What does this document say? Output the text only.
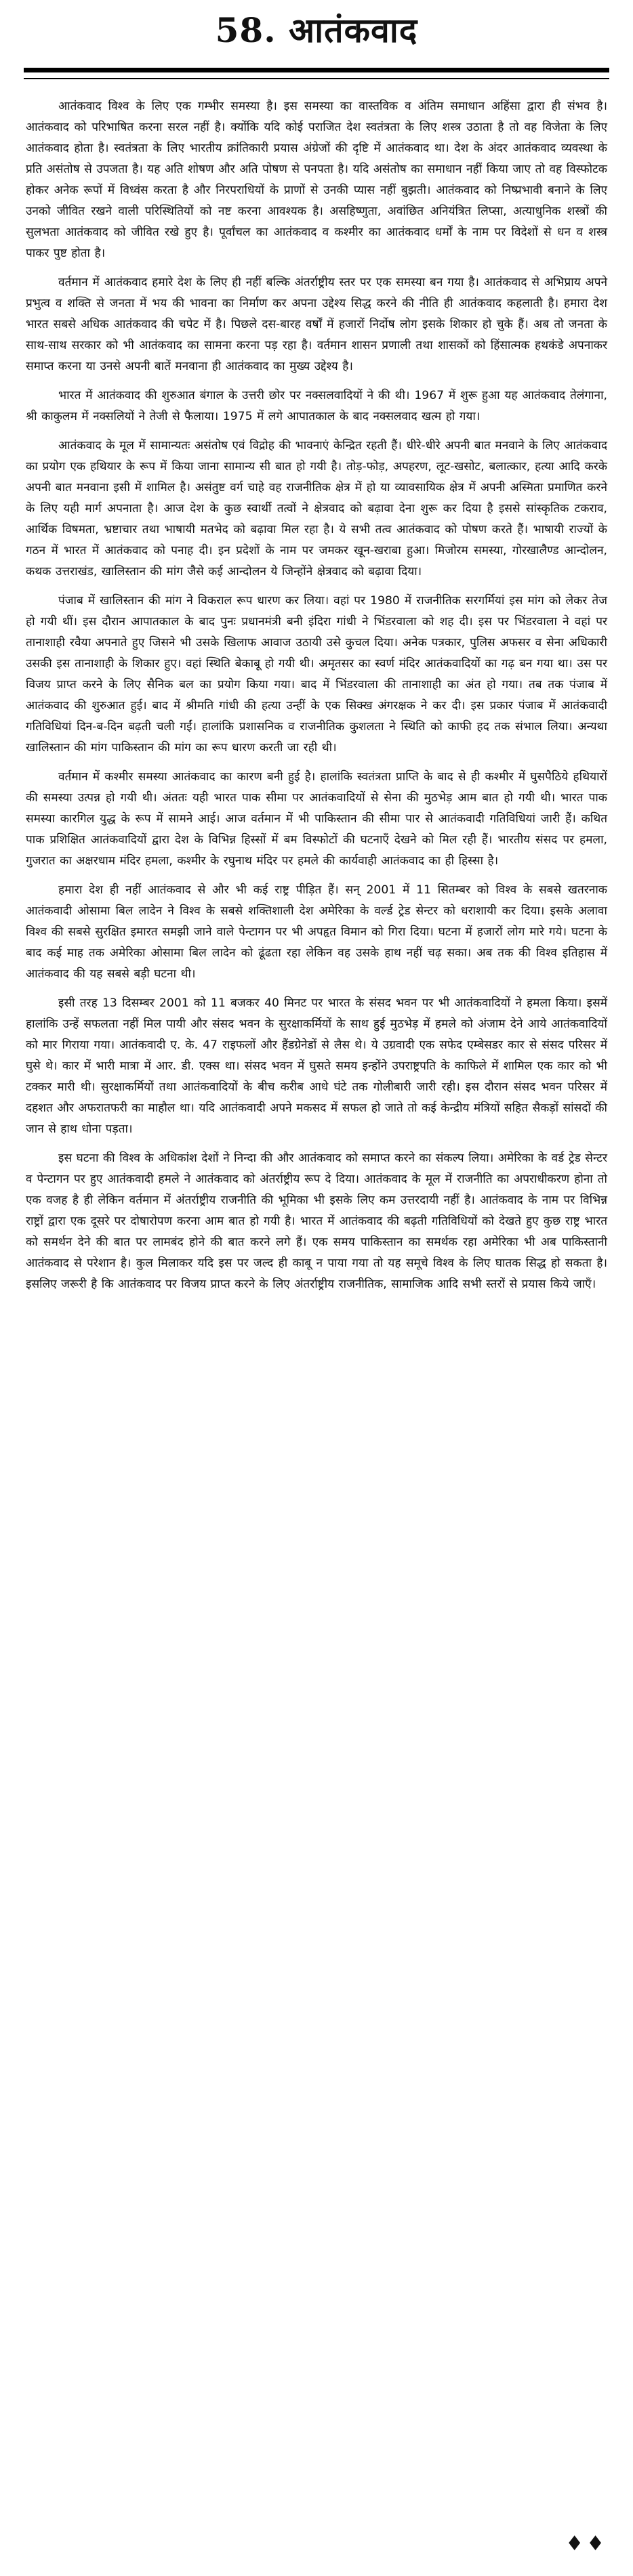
58. आतंकवाद

आतंकवाद विश्व के लिए एक गम्भीर समस्या है। इस समस्या का वास्तविक व अंतिम समाधान अहिंसा द्वारा ही संभव है। आतंकवाद को परिभाषित करना सरल नहीं है। क्योंकि यदि कोई पराजित देश स्वतंत्रता के लिए शस्त्र उठाता है तो वह विजेता के लिए आतंकवाद होता है। स्वतंत्रता के लिए भारतीय क्रांतिकारी प्रयास अंग्रेजों की दृष्टि में आतंकवाद था। देश के अंदर आतंकवाद व्यवस्था के प्रति असंतोष से उपजता है। यह अति शोषण और अति पोषण से पनपता है। यदि असंतोष का समाधान नहीं किया जाए तो वह विस्फोटक होकर अनेक रूपों में विध्वंस करता है और निरपराधियों के प्राणों से उनकी प्यास नहीं बुझती। आतंकवाद को निष्प्रभावी बनाने के लिए उनको जीवित रखने वाली परिस्थितियों को नष्ट करना आवश्यक है। असहिष्णुता, अवांछित अनियंत्रित लिप्सा, अत्याधुनिक शस्त्रों की सुलभता आतंकवाद को जीवित रखे हुए है। पूर्वांचल का आतंकवाद व कश्मीर का आतंकवाद धर्मों के नाम पर विदेशों से धन व शस्त्र पाकर पुष्ट होता है।

वर्तमान में आतंकवाद हमारे देश के लिए ही नहीं बल्कि अंतर्राष्ट्रीय स्तर पर एक समस्या बन गया है। आतंकवाद से अभिप्राय अपने प्रभुत्व व शक्ति से जनता में भय की भावना का निर्माण कर अपना उद्देश्य सिद्ध करने की नीति ही आतंकवाद कहलाती है। हमारा देश भारत सबसे अधिक आतंकवाद की चपेट में है। पिछले दस-बारह वर्षों में हजारों निर्दोष लोग इसके शिकार हो चुके हैं। अब तो जनता के साथ-साथ सरकार को भी आतंकवाद का सामना करना पड़ रहा है। वर्तमान शासन प्रणाली तथा शासकों को हिंसात्मक हथकंडे अपनाकर समाप्त करना या उनसे अपनी बातें मनवाना ही आतंकवाद का मुख्य उद्देश्य है।

भारत में आतंकवाद की शुरुआत बंगाल के उत्तरी छोर पर नक्सलवादियों ने की थी। 1967 में शुरू हुआ यह आतंकवाद तेलंगाना, श्री काकुलम में नक्सलियों ने तेजी से फैलाया। 1975 में लगे आपातकाल के बाद नक्सलवाद खत्म हो गया।

आतंकवाद के मूल में सामान्यतः असंतोष एवं विद्रोह की भावनाएं केन्द्रित रहती हैं। धीरे-धीरे अपनी बात मनवाने के लिए आतंकवाद का प्रयोग एक हथियार के रूप में किया जाना सामान्य सी बात हो गयी है। तोड़-फोड़, अपहरण, लूट-खसोट, बलात्कार, हत्या आदि करके अपनी बात मनवाना इसी में शामिल है। असंतुष्ट वर्ग चाहे वह राजनीतिक क्षेत्र में हो या व्यावसायिक क्षेत्र में अपनी अस्मिता प्रमाणित करने के लिए यही मार्ग अपनाता है। आज देश के कुछ स्वार्थी तत्वों ने क्षेत्रवाद को बढ़ावा देना शुरू कर दिया है इससे सांस्कृतिक टकराव, आर्थिक विषमता, भ्रष्टाचार तथा भाषायी मतभेद को बढ़ावा मिल रहा है। ये सभी तत्व आतंकवाद को पोषण करते हैं। भाषायी राज्यों के गठन में भारत में आतंकवाद को पनाह दी। इन प्रदेशों के नाम पर जमकर खून-खराबा हुआ। मिजोरम समस्या, गोरखालैण्ड आन्दोलन, कथक उत्तराखंड, खालिस्तान की मांग जैसे कई आन्दोलन ये जिन्होंने क्षेत्रवाद को बढ़ावा दिया।

पंजाब में खालिस्तान की मांग ने विकराल रूप धारण कर लिया। वहां पर 1980 में राजनीतिक सरगर्मियां इस मांग को लेकर तेज हो गयी थीं। इस दौरान आपातकाल के बाद पुनः प्रधानमंत्री बनी इंदिरा गांधी ने भिंडरवाला को शह दी। इस पर भिंडरवाला ने वहां पर तानाशाही रवैया अपनाते हुए जिसने भी उसके खिलाफ आवाज उठायी उसे कुचल दिया। अनेक पत्रकार, पुलिस अफसर व सेना अधिकारी उसकी इस तानाशाही के शिकार हुए। वहां स्थिति बेकाबू हो गयी थी। अमृतसर का स्वर्ण मंदिर आतंकवादियों का गढ़ बन गया था। उस पर विजय प्राप्त करने के लिए सैनिक बल का प्रयोग किया गया। बाद में भिंडरवाला की तानाशाही का अंत हो गया। तब तक पंजाब में आतंकवाद की शुरुआत हुई। बाद में श्रीमति गांधी की हत्या उन्हीं के एक सिक्ख अंगरक्षक ने कर दी। इस प्रकार पंजाब में आतंकवादी गतिविधियां दिन-ब-दिन बढ़ती चली गईं। हालांकि प्रशासनिक व राजनीतिक कुशलता ने स्थिति को काफी हद तक संभाल लिया। अन्यथा खालिस्तान की मांग पाकिस्तान की मांग का रूप धारण करती जा रही थी।

वर्तमान में कश्मीर समस्या आतंकवाद का कारण बनी हुई है। हालांकि स्वतंत्रता प्राप्ति के बाद से ही कश्मीर में घुसपैठिये हथियारों की समस्या उत्पन्न हो गयी थी। अंततः यही भारत पाक सीमा पर आतंकवादियों से सेना की मुठभेड़ आम बात हो गयी थी। भारत पाक समस्या कारगिल युद्ध के रूप में सामने आई। आज वर्तमान में भी पाकिस्तान की सीमा पार से आतंकवादी गतिविधियां जारी हैं। कथित पाक प्रशिक्षित आतंकवादियों द्वारा देश के विभिन्न हिस्सों में बम विस्फोटों की घटनाएँ देखने को मिल रही हैं। भारतीय संसद पर हमला, गुजरात का अक्षरधाम मंदिर हमला, कश्मीर के रघुनाथ मंदिर पर हमले की कार्यवाही आतंकवाद का ही हिस्सा है।

हमारा देश ही नहीं आतंकवाद से और भी कई राष्ट्र पीड़ित हैं। सन् 2001 में 11 सितम्बर को विश्व के सबसे खतरनाक आतंकवादी ओसामा बिल लादेन ने विश्व के सबसे शक्तिशाली देश अमेरिका के वर्ल्ड ट्रेड सेन्टर को धराशायी कर दिया। इसके अलावा विश्व की सबसे सुरक्षित इमारत समझी जाने वाले पेन्टागन पर भी अपहृत विमान को गिरा दिया। घटना में हजारों लोग मारे गये। घटना के बाद कई माह तक अमेरिका ओसामा बिल लादेन को ढूंढता रहा लेकिन वह उसके हाथ नहीं चढ़ सका। अब तक की विश्व इतिहास में आतंकवाद की यह सबसे बड़ी घटना थी।

इसी तरह 13 दिसम्बर 2001 को 11 बजकर 40 मिनट पर भारत के संसद भवन पर भी आतंकवादियों ने हमला किया। इसमें हालांकि उन्हें सफलता नहीं मिल पायी और संसद भवन के सुरक्षाकर्मियों के साथ हुई मुठभेड़ में हमले को अंजाम देने आये आतंकवादियों को मार गिराया गया। आतंकवादी ए. के. 47 राइफलों और हैंडग्रेनेडों से लैस थे। ये उग्रवादी एक सफेद एम्बेसडर कार से संसद परिसर में घुसे थे। कार में भारी मात्रा में आर. डी. एक्स था। संसद भवन में घुसते समय इन्होंने उपराष्ट्रपति के काफिले में शामिल एक कार को भी टक्कर मारी थी। सुरक्षाकर्मियों तथा आतंकवादियों के बीच करीब आधे घंटे तक गोलीबारी जारी रही। इस दौरान संसद भवन परिसर में दहशत और अफरातफरी का माहौल था। यदि आतंकवादी अपने मकसद में सफल हो जाते तो कई केन्द्रीय मंत्रियों सहित सैकड़ों सांसदों की जान से हाथ धोना पड़ता।

इस घटना की विश्व के अधिकांश देशों ने निन्दा की और आतंकवाद को समाप्त करने का संकल्प लिया। अमेरिका के वर्ड ट्रेड सेन्टर व पेन्टागन पर हुए आतंकवादी हमले ने आतंकवाद को अंतर्राष्ट्रीय रूप दे दिया। आतंकवाद के मूल में राजनीति का अपराधीकरण होना तो एक वजह है ही लेकिन वर्तमान में अंतर्राष्ट्रीय राजनीति की भूमिका भी इसके लिए कम उत्तरदायी नहीं है। आतंकवाद के नाम पर विभिन्न राष्ट्रों द्वारा एक दूसरे पर दोषारोपण करना आम बात हो गयी है। भारत में आतंकवाद की बढ़ती गतिविधियों को देखते हुए कुछ राष्ट्र भारत को समर्थन देने की बात पर लामबंद होने की बात करने लगे हैं। एक समय पाकिस्तान का समर्थक रहा अमेरिका भी अब पाकिस्तानी आतंकवाद से परेशान है। कुल मिलाकर यदि इस पर जल्द ही काबू न पाया गया तो यह समूचे विश्व के लिए घातक सिद्ध हो सकता है। इसलिए जरूरी है कि आतंकवाद पर विजय प्राप्त करने के लिए अंतर्राष्ट्रीय राजनीतिक, सामाजिक आदि सभी स्तरों से प्रयास किये जाएँ।

♦♦
